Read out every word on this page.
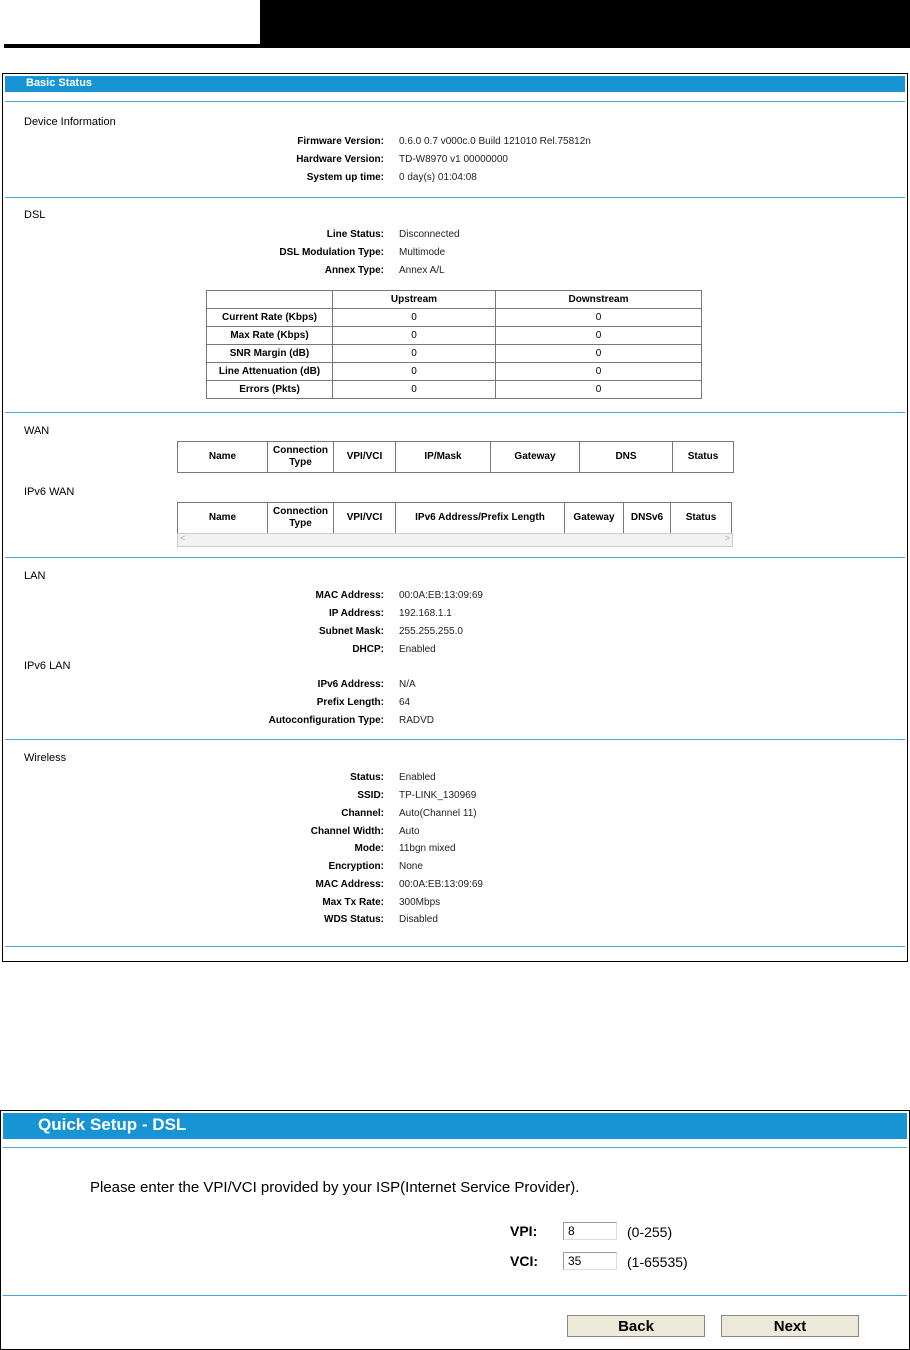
Basic Status
Device Information
Firmware Version: 0.6.0 0.7 v000c.0 Build 121010 Rel.75812n
Hardware Version: TD-W8970 v1 00000000
System up time: 0 day(s) 01:04:08
DSL
Line Status: Disconnected
DSL Modulation Type: Multimode
Annex Type: Annex A/L
	Upstream	Downstream
Current Rate (Kbps)	0	0
Max Rate (Kbps)	0	0
SNR Margin (dB)	0	0
Line Attenuation (dB)	0	0
Errors (Pkts)	0	0
WAN
Name	Connection Type	VPI/VCI	IP/Mask	Gateway	DNS	Status
IPv6 WAN
Name	Connection Type	VPI/VCI	IPv6 Address/Prefix Length	Gateway	DNSv6	Status
<	>
LAN
MAC Address: 00:0A:EB:13:09:69
IP Address: 192.168.1.1
Subnet Mask: 255.255.255.0
DHCP: Enabled
IPv6 LAN
IPv6 Address: N/A
Prefix Length: 64
Autoconfiguration Type: RADVD
Wireless
Status: Enabled
SSID: TP-LINK_130969
Channel: Auto(Channel 11)
Channel Width: Auto
Mode: 11bgn mixed
Encryption: None
MAC Address: 00:0A:EB:13:09:69
Max Tx Rate: 300Mbps
WDS Status: Disabled
Quick Setup - DSL
Please enter the VPI/VCI provided by your ISP(Internet Service Provider).
VPI:
8	(0-255)
VCI:
35	(1-65535)
Back	Next
